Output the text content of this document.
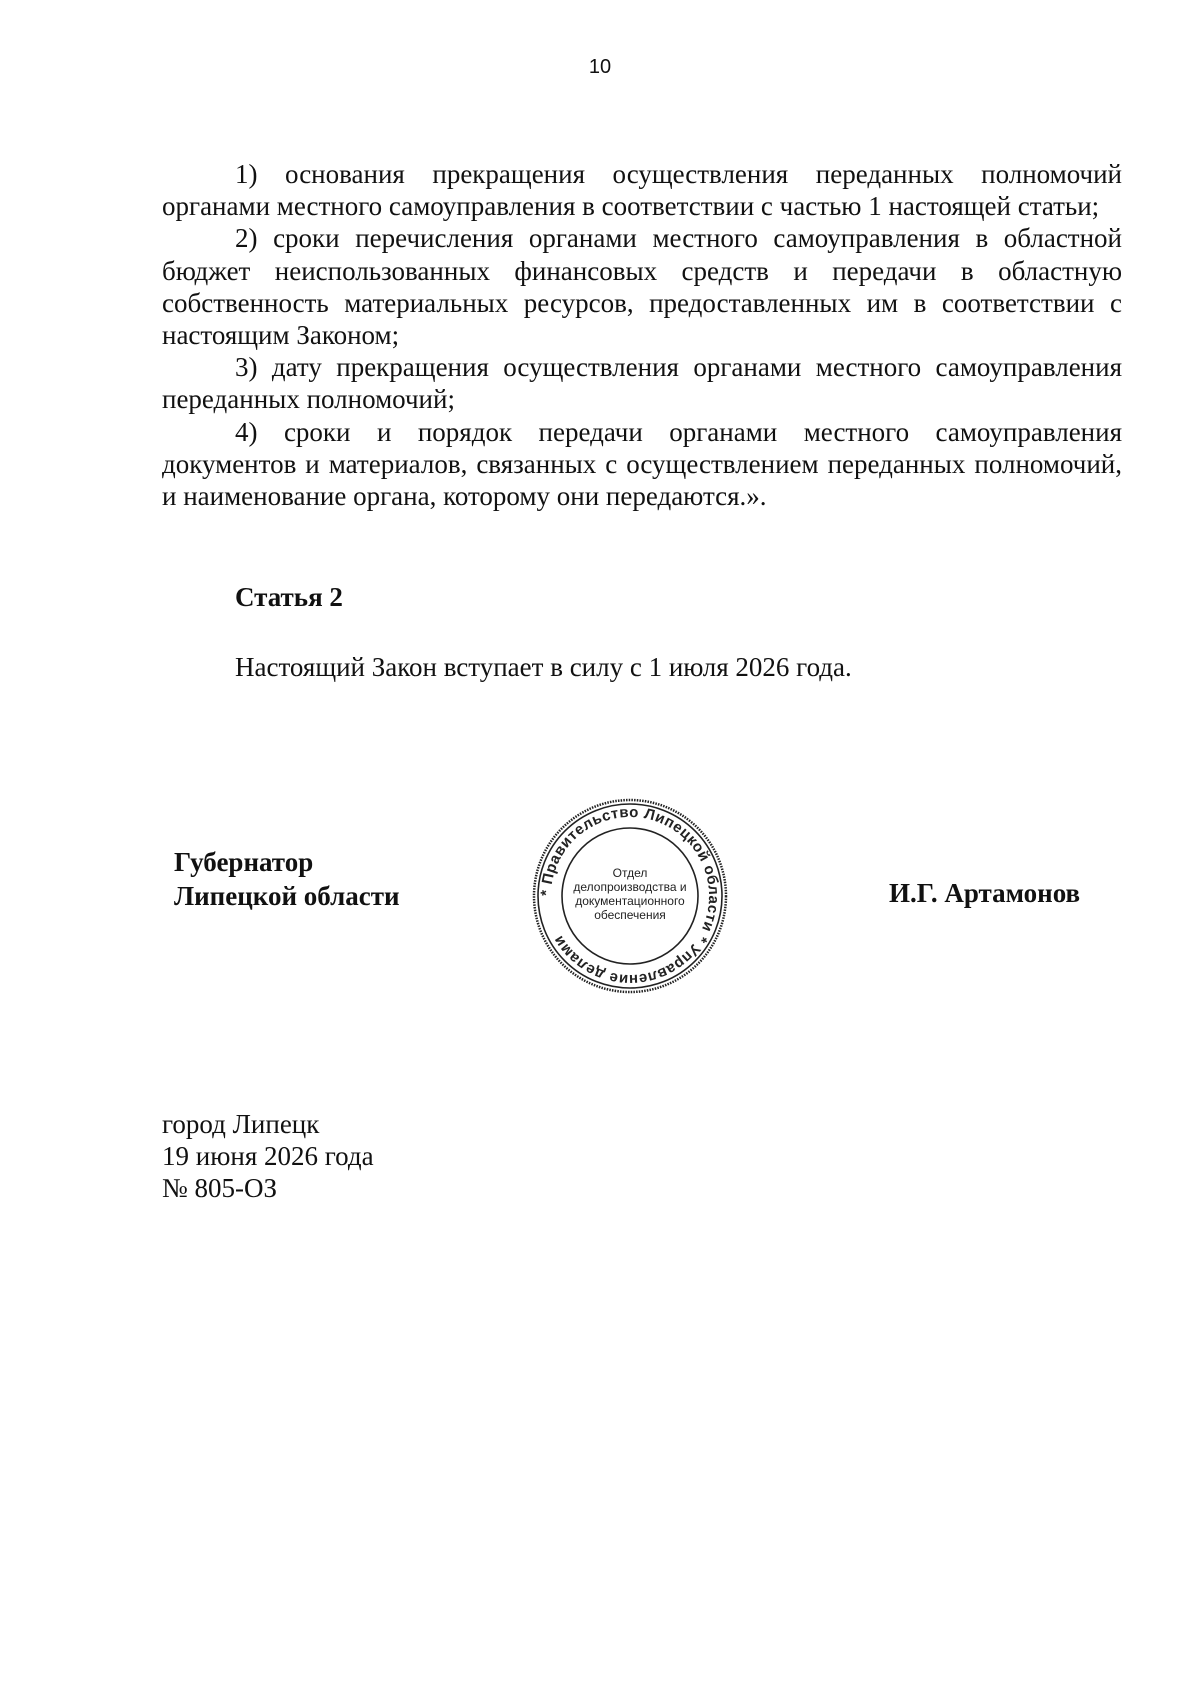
10

1) основания прекращения осуществления переданных полномочий органами местного самоуправления в соответствии с частью 1 настоящей статьи;

2) сроки перечисления органами местного самоуправления в областной бюджет неиспользованных финансовых средств и передачи в областную собственность материальных ресурсов, предоставленных им в соответствии с настоящим Законом;

3) дату прекращения осуществления органами местного самоуправления переданных полномочий;

4) сроки и порядок передачи органами местного самоуправления документов и материалов, связанных с осуществлением переданных полномочий, и наименование органа, которому они передаются.».

Статья 2

Настоящий Закон вступает в силу с 1 июля 2026 года.

Губернатор
Липецкой области	* Правительство Липецкой области * Управление делами
Отдел
делопроизводства и
документационного
обеспечения

И.Г. Артамонов

город Липецк
19 июня 2026 года
№ 805-ОЗ
